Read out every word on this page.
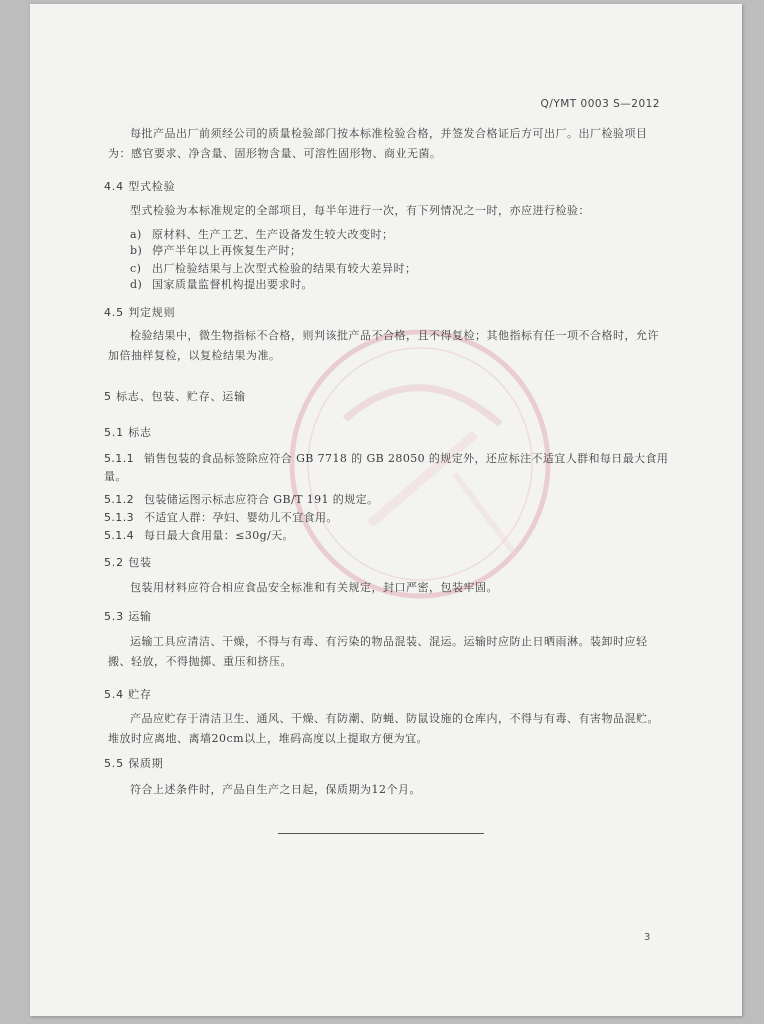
Q/YMT 0003 S—2012
每批产品出厂前须经公司的质量检验部门按本标准检验合格，并签发合格证后方可出厂。出厂检验项目为：感官要求、净含量、固形物含量、可溶性固形物、商业无菌。
4.4 型式检验
型式检验为本标准规定的全部项目，每半年进行一次，有下列情况之一时，亦应进行检验：
a) 原材料、生产工艺、生产设备发生较大改变时；
b) 停产半年以上再恢复生产时；
c) 出厂检验结果与上次型式检验的结果有较大差异时；
d) 国家质量监督机构提出要求时。
4.5 判定规则
检验结果中，微生物指标不合格，则判该批产品不合格，且不得复检；其他指标有任一项不合格时，允许加倍抽样复检，以复检结果为准。
5 标志、包装、贮存、运输
5.1 标志
5.1.1 销售包装的食品标签除应符合 GB 7718 的 GB 28050 的规定外，还应标注不适宜人群和每日最大食用量。
5.1.2 包装储运图示标志应符合 GB/T 191 的规定。
5.1.3 不适宜人群：孕妇、婴幼儿不宜食用。
5.1.4 每日最大食用量：≤30g/天。
5.2 包装
包装用材料应符合相应食品安全标准和有关规定，封口严密，包装牢固。
5.3 运输
运输工具应清洁、干燥，不得与有毒、有污染的物品混装、混运。运输时应防止日晒雨淋。装卸时应轻搬、轻放，不得抛掷、重压和挤压。
5.4 贮存
产品应贮存于清洁卫生、通风、干燥、有防潮、防蝇、防鼠设施的仓库内，不得与有毒、有害物品混贮。堆放时应离地、离墙20cm以上，堆码高度以上提取方便为宜。
5.5 保质期
符合上述条件时，产品自生产之日起，保质期为12个月。
3
